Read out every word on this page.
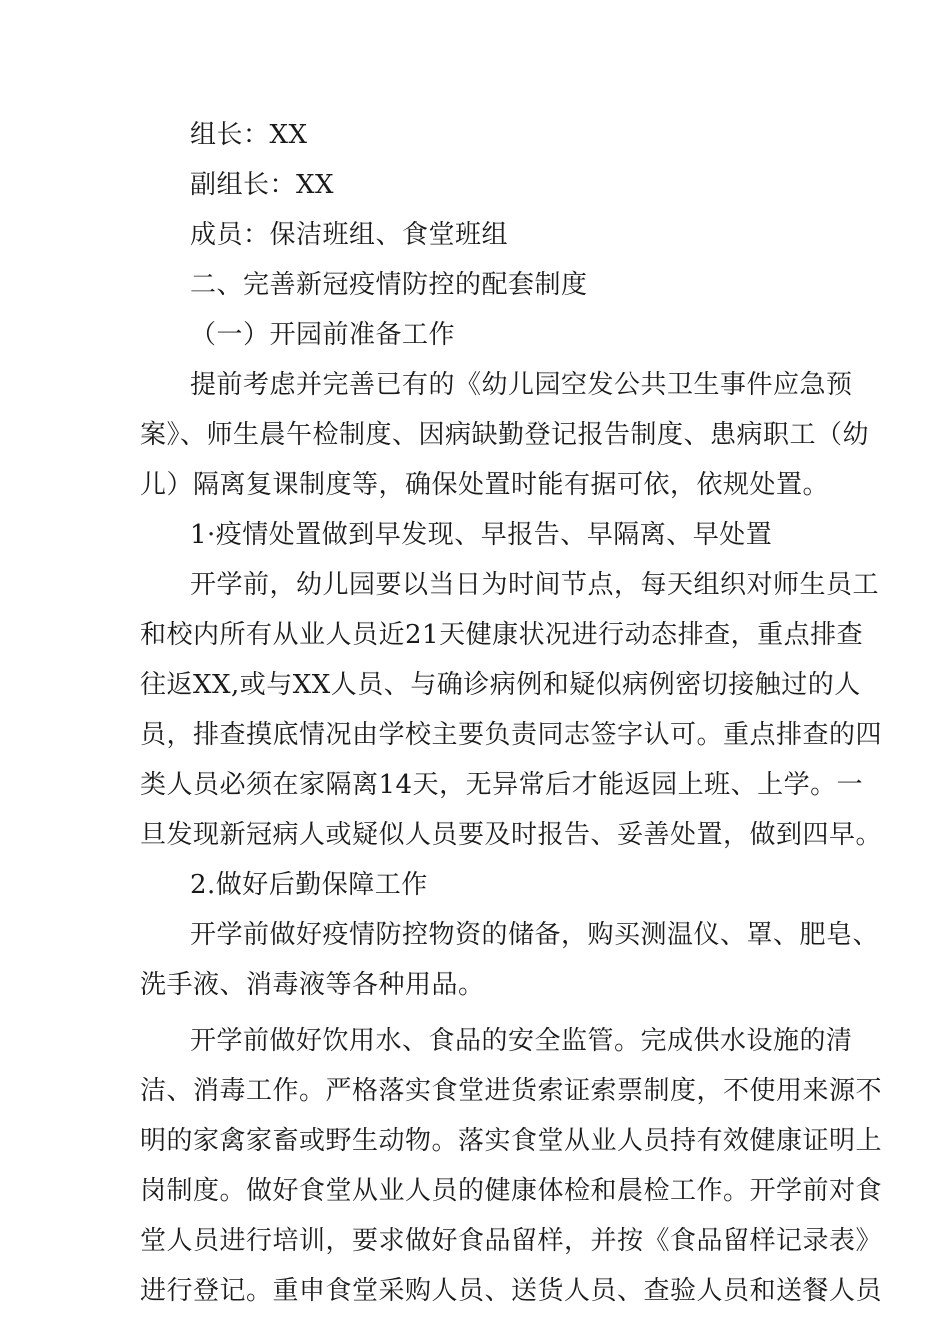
组长：XX
副组长：XX
成员：保洁班组、食堂班组
二、完善新冠疫情防控的配套制度
（一）开园前准备工作
提前考虑并完善已有的《幼儿园空发公共卫生事件应急预
案》、师生晨午检制度、因病缺勤登记报告制度、患病职工（幼
儿）隔离复课制度等，确保处置时能有据可依，依规处置。
1·疫情处置做到早发现、早报告、早隔离、早处置
开学前，幼儿园要以当日为时间节点，每天组织对师生员工
和校内所有从业人员近21天健康状况进行动态排查，重点排查
往返XX,或与XX人员、与确诊病例和疑似病例密切接触过的人
员，排查摸底情况由学校主要负责同志签字认可。重点排查的四
类人员必须在家隔离14天，无异常后才能返园上班、上学。一
旦发现新冠病人或疑似人员要及时报告、妥善处置，做到四早。
2.做好后勤保障工作
开学前做好疫情防控物资的储备，购买测温仪、罩、肥皂、
洗手液、消毒液等各种用品。
开学前做好饮用水、食品的安全监管。完成供水设施的清
洁、消毒工作。严格落实食堂进货索证索票制度，不使用来源不
明的家禽家畜或野生动物。落实食堂从业人员持有效健康证明上
岗制度。做好食堂从业人员的健康体检和晨检工作。开学前对食
堂人员进行培训，要求做好食品留样，并按《食品留样记录表》
进行登记。重申食堂采购人员、送货人员、查验人员和送餐人员
